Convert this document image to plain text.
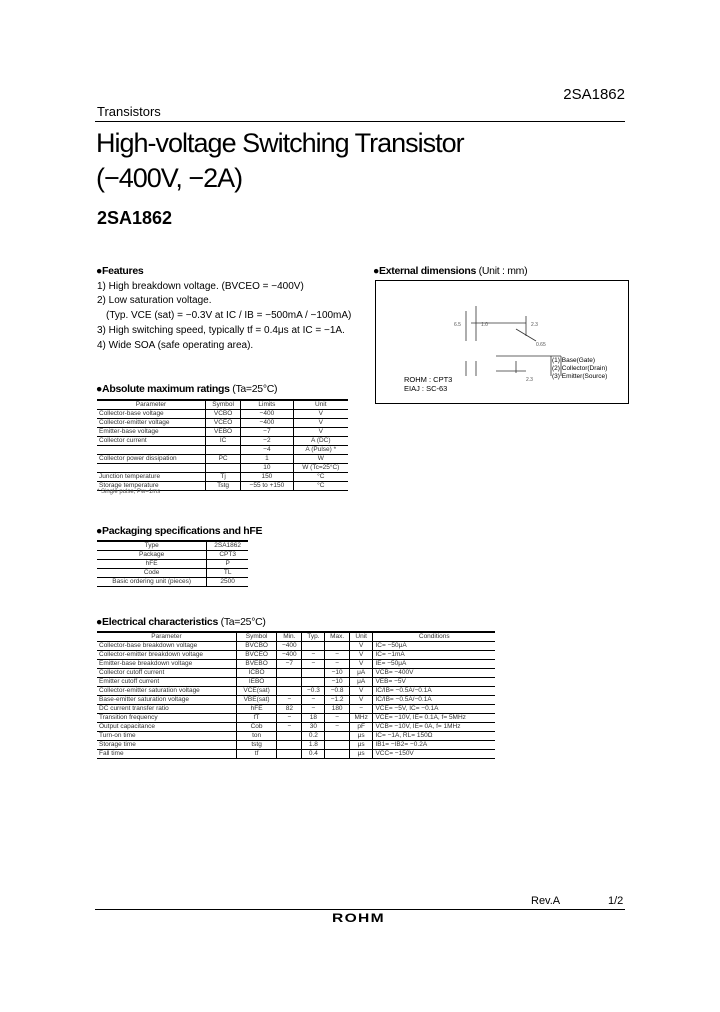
Transistors
2SA1862
High-voltage Switching Transistor
(−400V, −2A)
2SA1862
●Features
1) High breakdown voltage. (BVCEO = −400V)
2) Low saturation voltage.
(Typ. VCE (sat) = −0.3V at IC / IB = −500mA / −100mA)
3) High switching speed, typically tf = 0.4μs at IC = −1A.
4) Wide SOA (safe operating area).
●External dimensions (Unit : mm)
6.5	1.0	2.3
0.65
2.3
ROHM : CPT3
EIAJ : SC-63
(1) Base(Gate)
(2) Collector(Drain)
(3) Emitter(Source)
●Absolute maximum ratings (Ta=25°C)
Parameter	Symbol	Limits	Unit
Collector-base voltage	VCBO	−400	V
Collector-emitter voltage	VCEO	−400	V
Emitter-base voltage	VEBO	−7	V
Collector current	IC	−2	A (DC)
		−4	A (Pulse) *
Collector power dissipation	PC	1	W
		10	W (Tc=25°C)
Junction temperature	Tj	150	°C
Storage temperature	Tstg	−55 to +150	°C
* Single pulse, Pw=1ms
●Packaging specifications and hFE
Type	2SA1862
Package	CPT3
hFE	P
Code	TL
Basic ordering unit (pieces)	2500
●Electrical characteristics (Ta=25°C)
Parameter	Symbol	Min.	Typ.	Max.	Unit	Conditions
Collector-base breakdown voltage	BVCBO	−400			V	IC= −50μA
Collector-emitter breakdown voltage	BVCEO	−400	−	−	V	IC= −1mA
Emitter-base breakdown voltage	BVEBO	−7	−	−	V	IE= −50μA
Collector cutoff current	ICBO			−10	μA	VCB= −400V
Emitter cutoff current	IEBO			−10	μA	VEB= −5V
Collector-emitter saturation voltage	VCE(sat)		−0.3	−0.8	V	IC/IB= −0.5A/−0.1A
Base-emitter saturation voltage	VBE(sat)	−	−	−1.2	V	IC/IB= −0.5A/−0.1A
DC current transfer ratio	hFE	82	−	180	−	VCE= −5V, IC= −0.1A
Transition frequency	fT	−	18	−	MHz	VCE= −10V, IE= 0.1A, f= 5MHz
Output capacitance	Cob	−	30	−	pF	VCB= −10V, IE= 0A, f= 1MHz
Turn-on time	ton		0.2		μs	IC= −1A, RL= 150Ω
Storage time	tstg		1.8		μs	IB1= −IB2= −0.2A
Fall time	tf		0.4		μs	VCC= −150V
Rev.A	1/2
ROHM
